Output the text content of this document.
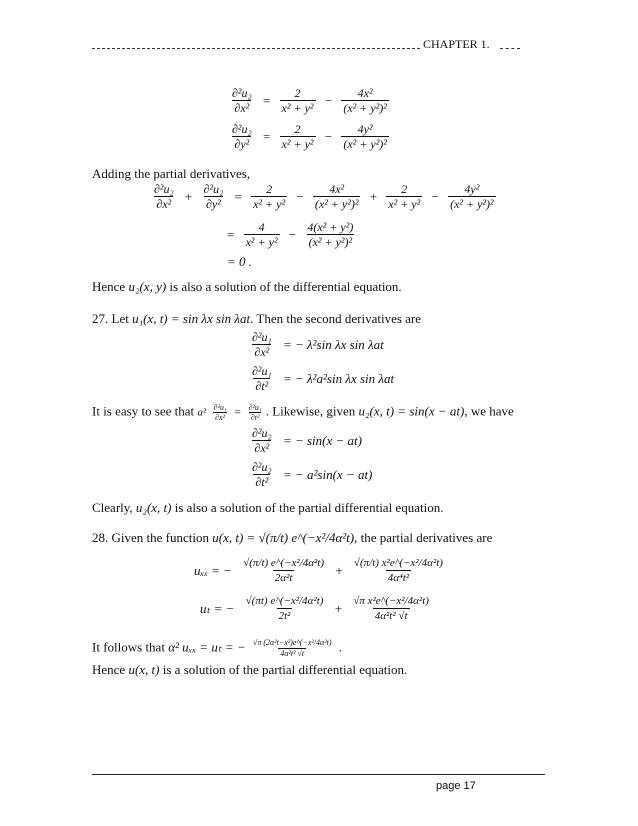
CHAPTER 1.
$\frac{\text{∂²u₂}}{\text{∂x²}} = \frac{2}{\text{x² + y²}} - \frac{\text{4x²}}{\text{(x² + y²)²}}$
$\frac{\text{∂²u₂}}{\text{∂y²}} = \frac{2}{\text{x² + y²}} - \frac{\text{4y²}}{\text{(x² + y²)²}}$
Adding the partial derivatives,
$\frac{\text{∂²u₂}}{\text{∂x²}} + \frac{\text{∂²u₂}}{\text{∂y²}} = \frac{2}{\text{x² + y²}} - \frac{\text{4x²}}{\text{(x² + y²)²}} + \frac{2}{\text{x² + y²}} - \frac{\text{4y²}}{\text{(x² + y²)²}}$
= $\frac{4}{\text{x² + y²}} - \frac{\text{4(x² + y²)}}{\text{(x² + y²)²}}$
= 0 .
Hence u₂(x, y) is also a solution of the differential equation.
27. Let u₁(x, t) = sin λx sin λat. Then the second derivatives are
$\frac{\text{∂²u₁}}{\text{∂x²}}$ = − λ²sin λx sin λat
$\frac{\text{∂²u₁}}{\text{∂t²}}$ = − λ²a²sin λx sin λat
It is easy to see that $a^2 \frac{\text{∂²u₁}}{\text{∂x²}} = \frac{\text{∂²u₁}}{\text{∂t²}}$ . Likewise, given u₂(x, t) = sin(x − at), we have
$\frac{\text{∂²u₂}}{\text{∂x²}}$ = − sin(x − at)
$\frac{\text{∂²u₂}}{\text{∂t²}}$ = − a²sin(x − at)
Clearly, u₂(x, t) is also a solution of the partial differential equation.
28. Given the function u(x, t) = √(π/t) e^(−x²/4α²t), the partial derivatives are
uₓₓ = − $\frac{\text{√(π/t) e\textasciicircum{}(−x²/4α²t)}}{\text{2α²t}} + \frac{\text{√(π/t) x²e\textasciicircum{}(−x²/4α²t)}}{\text{4α⁴t²}}$
uₜ = − $\frac{\text{√(πt) e\textasciicircum{}(−x²/4α²t)}}{\text{2t²}} + \frac{\text{√π x²e\textasciicircum{}(−x²/4α²t)}}{\text{4α²t² √t}}$
It follows that α² uₓₓ = uₜ = − $\frac{\text{√π (2α²t−x²)e\textasciicircum{}(−x²/4α²t)}}{\text{4α²t² √t}}$ .
Hence u(x, t) is a solution of the partial differential equation.
page 17
